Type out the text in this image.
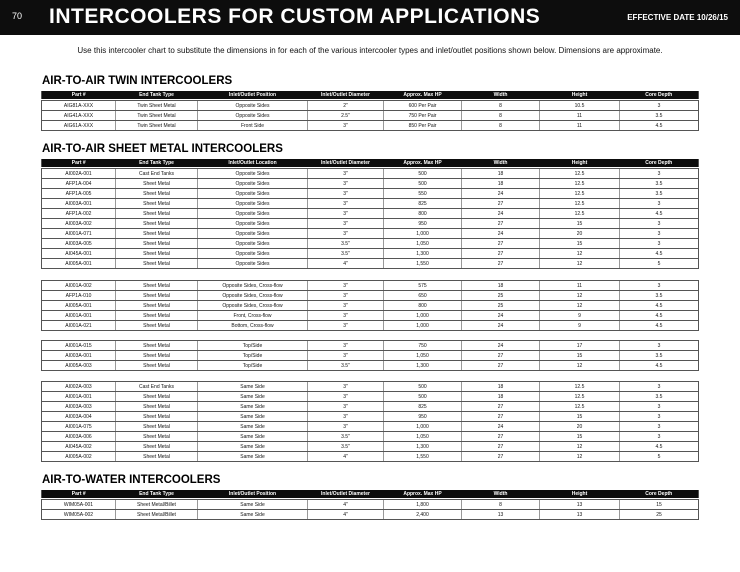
70 INTERCOOLERS FOR CUSTOM APPLICATIONS	EFFECTIVE DATE 10/26/15
Use this intercooler chart to substitute the dimensions in for each of the various intercooler types and inlet/outlet positions shown below. Dimensions are approximate.
AIR-TO-AIR TWIN INTERCOOLERS
Part #	End Tank Type	Inlet/Outlet Position	Inlet/Outlet Diameter	Approx. Max HP	Width	Height	Core Depth
AIG81A-XXX	Twin Sheet Metal	Opposite Sides	2"	600 Per Pair	8	10.5	3
AIG41A-XXX	Twin Sheet Metal	Opposite Sides	2.5"	750 Per Pair	8	11	3.5
AIG61A-XXX	Twin Sheet Metal	Front Side	3"	850 Per Pair	8	11	4.5
AIR-TO-AIR SHEET METAL INTERCOOLERS
Part #	End Tank Type	Inlet/Outlet Location	Inlet/Outlet Diameter	Approx. Max HP	Width	Height	Core Depth
AI002A-001	Cast End Tanks	Opposite Sides	3"	500	18	12.5	3
AFP1A-004	Sheet Metal	Opposite Sides	3"	500	18	12.5	3.5
AFP1A-005	Sheet Metal	Opposite Sides	3"	550	24	12.5	3.5
AI003A-001	Sheet Metal	Opposite Sides	3"	825	27	12.5	3
AFP1A-002	Sheet Metal	Opposite Sides	3"	800	24	12.5	4.5
AI003A-002	Sheet Metal	Opposite Sides	3"	950	27	15	3
AI001A-071	Sheet Metal	Opposite Sides	3"	1,000	24	20	3
AI003A-005	Sheet Metal	Opposite Sides	3.5"	1,050	27	15	3
AI045A-001	Sheet Metal	Opposite Sides	3.5"	1,300	27	12	4.5
AI005A-001	Sheet Metal	Opposite Sides	4"	1,550	27	12	5
AI001A-002	Sheet Metal	Opposite Sides, Cross-flow	3"	575	18	11	3
AFP1A-010	Sheet Metal	Opposite Sides, Cross-flow	3"	650	25	12	3.5
AI005A-001	Sheet Metal	Opposite Sides, Cross-flow	3"	800	25	12	4.5
AI001A-001	Sheet Metal	Front, Cross-flow	3"	1,000	24	9	4.5
AI001A-021	Sheet Metal	Bottom, Cross-flow	3"	1,000	24	9	4.5
AI001A-015	Sheet Metal	Top/Side	3"	750	24	17	3
AI003A-001	Sheet Metal	Top/Side	3"	1,050	27	15	3.5
AI005A-003	Sheet Metal	Top/Side	3.5"	1,300	27	12	4.5
AI002A-003	Cast End Tanks	Same Side	3"	500	18	12.5	3
AI001A-001	Sheet Metal	Same Side	3"	500	18	12.5	3.5
AI003A-003	Sheet Metal	Same Side	3"	825	27	12.5	3
AI003A-004	Sheet Metal	Same Side	3"	950	27	15	3
AI001A-075	Sheet Metal	Same Side	3"	1,000	24	20	3
AI003A-006	Sheet Metal	Same Side	3.5"	1,050	27	15	3
AI045A-002	Sheet Metal	Same Side	3.5"	1,300	27	12	4.5
AI005A-002	Sheet Metal	Same Side	4"	1,550	27	12	5
AIR-TO-WATER INTERCOOLERS
Part #	End Tank Type	Inlet/Outlet Position	Inlet/Outlet Diameter	Approx. Max HP	Width	Height	Core Depth
WIM05A-001	Sheet Metal/Billet	Same Side	4"	1,800	8	13	15
WIM05A-002	Sheet Metal/Billet	Same Side	4"	2,400	13	13	25
